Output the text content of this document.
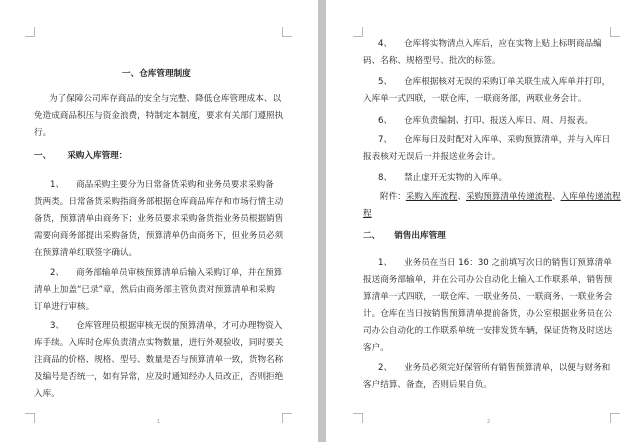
一、仓库管理制度
为了保障公司库存商品的安全与完整、降低仓库管理成本、以
免造成商品积压与资金浪费，特制定本制度，要求有关部门遵照执
行。
一、 采购入库管理：
1、 商品采购主要分为日常备货采购和业务员要求采购备
货两类。日常备货采购指商务部根据仓库商品库存和市场行情主动
备货，预算清单由商务下；业务员要求采购备货指业务员根据销售
需要向商务部提出采购备货，预算清单仍由商务下，但业务员必须
在预算清单红联签字确认。
2、 商务部输单员审核预算清单后输入采购订单，并在预算
清单上加盖“已录”章，然后由商务部主管负责对预算清单和采购
订单进行审核。
3、 仓库管理员根据审核无误的预算清单，才可办理物资入
库手续。入库时仓库负责清点实物数量，进行外观验收，同时要关
注商品的价格、规格、型号、数量是否与预算清单一致，货物名称
及编号是否统一，如有异常，应及时通知经办人员改正，否则拒绝
入库。
1
4、 仓库将实物清点入库后，应在实物上贴上标明商品编
码、名称、规格型号、批次的标签。
5、 仓库根据核对无误的采购订单关联生成入库单并打印，
入库单一式四联，一联仓库，一联商务部，两联业务会计。
6、 仓库负责编制、打印、报送入库日、周、月报表。
7、 仓库每日及时配对入库单、采购预算清单，并与入库日
报表核对无误后一并报送业务会计。
8、 禁止虚开无实物的入库单。
附件：采购入库流程、采购预算清单传递流程、入库单传递流程
程
二、 销售出库管理
1、 业务员在当日 16：30 之前填写次日的销售订预算清单
报送商务部输单，并在公司办公自动化上输入工作联系单，销售预
算清单一式四联，一联仓库、一联业务员、一联商务、一联业务会
计。仓库在当日按销售预算清单提前备货，办公室根据业务员在公
司办公自动化的工作联系单统一安排发货车辆，保证货物及时送达
客户。
2、 业务员必须完好保管所有销售预算清单，以便与财务和
客户结算、备查，否则后果自负。
2
